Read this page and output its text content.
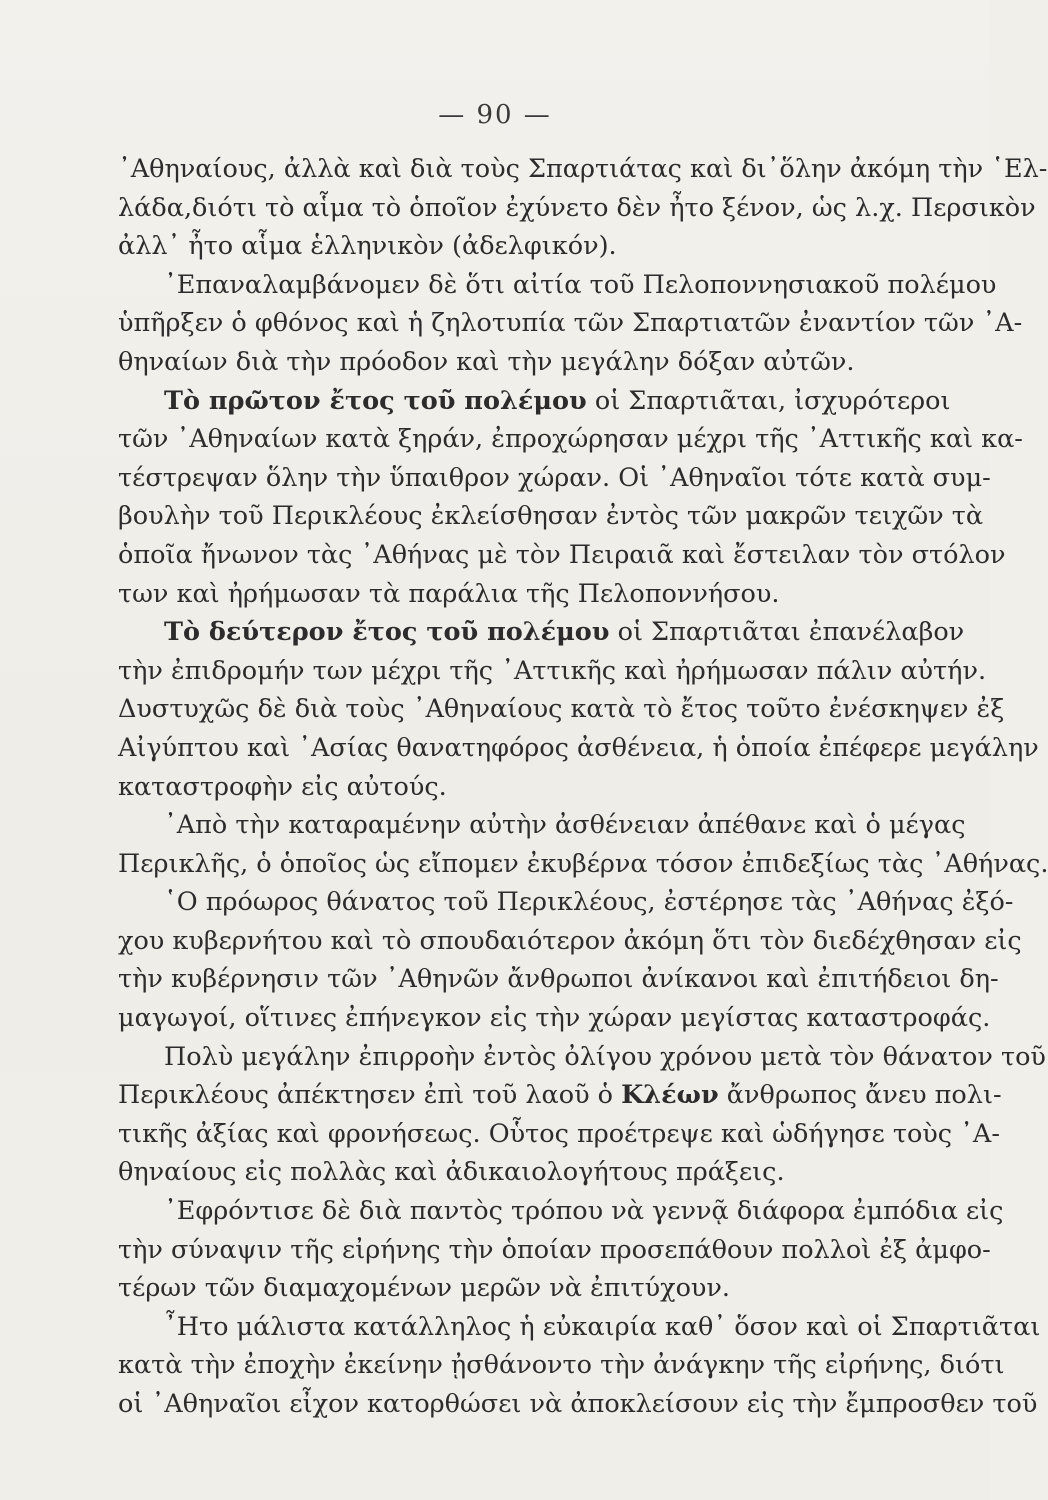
— 90 —
᾿Αθηναίους, ἀλλὰ καὶ διὰ τοὺς Σπαρτιάτας καὶ δι᾿ὅλην ἀκόμη τὴν ῾Ελ-
λάδα,διότι τὸ αἷμα τὸ ὁποῖον ἐχύνετο δὲν ἦτο ξένον, ὡς λ.χ. Περσικὸν
ἀλλ᾿ ἦτο αἷμα ἑλληνικὸν (ἀδελφικόν).
᾿Επαναλαμβάνομεν δὲ ὅτι αἰτία τοῦ Πελοποννησιακοῦ πολέμου
ὑπῆρξεν ὁ φθόνος καὶ ἡ ζηλοτυπία τῶν Σπαρτιατῶν ἐναντίον τῶν ᾿Α-
θηναίων διὰ τὴν πρόοδον καὶ τὴν μεγάλην δόξαν αὐτῶν.
Τὸ πρῶτον ἔτος τοῦ πολέμου οἱ Σπαρτιᾶται, ἰσχυρότεροι
τῶν ᾿Αθηναίων κατὰ ξηράν, ἐπροχώρησαν μέχρι τῆς ᾿Αττικῆς καὶ κα-
τέστρεψαν ὅλην τὴν ὕπαιθρον χώραν. Οἱ ᾿Αθηναῖοι τότε κατὰ συμ-
βουλὴν τοῦ Περικλέους ἐκλείσθησαν ἐντὸς τῶν μακρῶν τειχῶν τὰ
ὁποῖα ἤνωνον τὰς ᾿Αθήνας μὲ τὸν Πειραιᾶ καὶ ἔστειλαν τὸν στόλον
των καὶ ἠρήμωσαν τὰ παράλια τῆς Πελοποννήσου.
Τὸ δεύτερον ἔτος τοῦ πολέμου οἱ Σπαρτιᾶται ἐπανέλαβον
τὴν ἐπιδρομήν των μέχρι τῆς ᾿Αττικῆς καὶ ἠρήμωσαν πάλιν αὐτήν.
Δυστυχῶς δὲ διὰ τοὺς ᾿Αθηναίους κατὰ τὸ ἔτος τοῦτο ἐνέσκηψεν ἐξ
Αἰγύπτου καὶ ᾿Ασίας θανατηφόρος ἀσθένεια, ἡ ὁποία ἐπέφερε μεγάλην
καταστροφὴν εἰς αὐτούς.
᾿Απὸ τὴν καταραμένην αὐτὴν ἀσθένειαν ἀπέθανε καὶ ὁ μέγας
Περικλῆς, ὁ ὁποῖος ὡς εἴπομεν ἐκυβέρνα τόσον ἐπιδεξίως τὰς ᾿Αθήνας.
῾Ο πρόωρος θάνατος τοῦ Περικλέους, ἐστέρησε τὰς ᾿Αθήνας ἐξό-
χου κυβερνήτου καὶ τὸ σπουδαιότερον ἀκόμη ὅτι τὸν διεδέχθησαν εἰς
τὴν κυβέρνησιν τῶν ᾿Αθηνῶν ἄνθρωποι ἀνίκανοι καὶ ἐπιτήδειοι δη-
μαγωγοί, οἵτινες ἐπήνεγκον εἰς τὴν χώραν μεγίστας καταστροφάς.
Πολὺ μεγάλην ἐπιρροὴν ἐντὸς ὀλίγου χρόνου μετὰ τὸν θάνατον τοῦ
Περικλέους ἀπέκτησεν ἐπὶ τοῦ λαοῦ ὁ Κλέων ἄνθρωπος ἄνευ πολι-
τικῆς ἀξίας καὶ φρονήσεως. Οὗτος προέτρεψε καὶ ὡδήγησε τοὺς ᾿Α-
θηναίους εἰς πολλὰς καὶ ἀδικαιολογήτους πράξεις.
᾿Εφρόντισε δὲ διὰ παντὸς τρόπου νὰ γεννᾷ διάφορα ἐμπόδια εἰς
τὴν σύναψιν τῆς εἰρήνης τὴν ὁποίαν προσεπάθουν πολλοὶ ἐξ ἀμφο-
τέρων τῶν διαμαχομένων μερῶν νὰ ἐπιτύχουν.
῏Ητο μάλιστα κατάλληλος ἡ εὐκαιρία καθ᾿ ὅσον καὶ οἱ Σπαρτιᾶται
κατὰ τὴν ἐποχὴν ἐκείνην ᾐσθάνοντο τὴν ἀνάγκην τῆς εἰρήνης, διότι
οἱ ᾿Αθηναῖοι εἶχον κατορθώσει νὰ ἀποκλείσουν εἰς τὴν ἔμπροσθεν τοῦ
